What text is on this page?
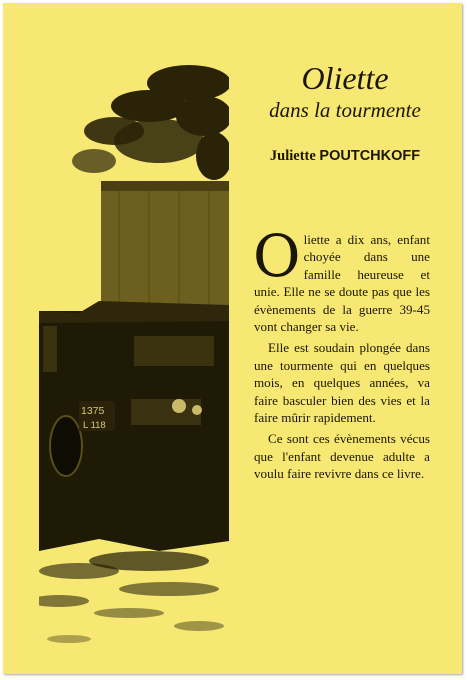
1375
L 118

Oliette

dans la tourmente

Juliette POUTCHKOFF

Oliette a dix ans, enfant choyée dans une famille heureuse et unie. Elle ne se doute pas que les évènements de la guerre 39-45 vont changer sa vie.

Elle est soudain plongée dans une tourmente qui en quelques mois, en quelques années, va faire basculer bien des vies et la faire mûrir rapidement.

Ce sont ces évènements vécus que l'enfant devenue adulte a voulu faire revivre dans ce livre.
